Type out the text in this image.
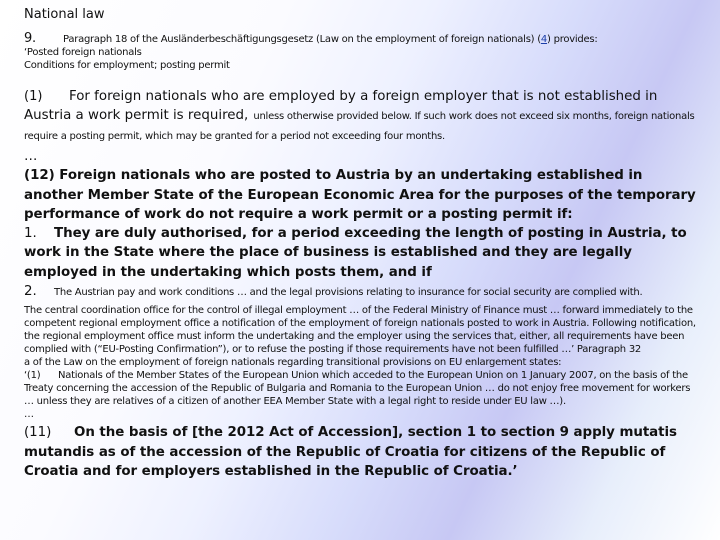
National law
9.	Paragraph 18 of the Ausländerbeschäftigungsgesetz (Law on the employment of foreign nationals) (4) provides:
‘Posted foreign nationals
Conditions for employment; posting permit

(1) For foreign nationals who are employed by a foreign employer that is not established in Austria a work permit is required, unless otherwise provided below. If such work does not exceed six months, foreign nationals require a posting permit, which may be granted for a period not exceeding four months.

…
(12) Foreign nationals who are posted to Austria by an undertaking established in another Member State of the European Economic Area for the purposes of the temporary performance of work do not require a work permit or a posting permit if:
1. They are duly authorised, for a period exceeding the length of posting in Austria, to work in the State where the place of business is established and they are legally employed in the undertaking which posts them, and if
2. The Austrian pay and work conditions … and the legal provisions relating to insurance for social security are complied with.
The central coordination office for the control of illegal employment … of the Federal Ministry of Finance must … forward immediately to the competent regional employment office a notification of the employment of foreign nationals posted to work in Austria. Following notification, the regional employment office must inform the undertaking and the employer using the services that, either, all requirements have been complied with (“EU-Posting Confirmation”), or to refuse the posting if those requirements have not been fulfilled …’ Paragraph 32
a of the Law on the employment of foreign nationals regarding transitional provisions on EU enlargement states:
‘(1) Nationals of the Member States of the European Union which acceded to the European Union on 1 January 2007, on the basis of the Treaty concerning the accession of the Republic of Bulgaria and Romania to the European Union … do not enjoy free movement for workers … unless they are relatives of a citizen of another EEA Member State with a legal right to reside under EU law …).
…
(11) On the basis of [the 2012 Act of Accession], section 1 to section 9 apply mutatis mutandis as of the accession of the Republic of Croatia for citizens of the Republic of Croatia and for employers established in the Republic of Croatia.’
